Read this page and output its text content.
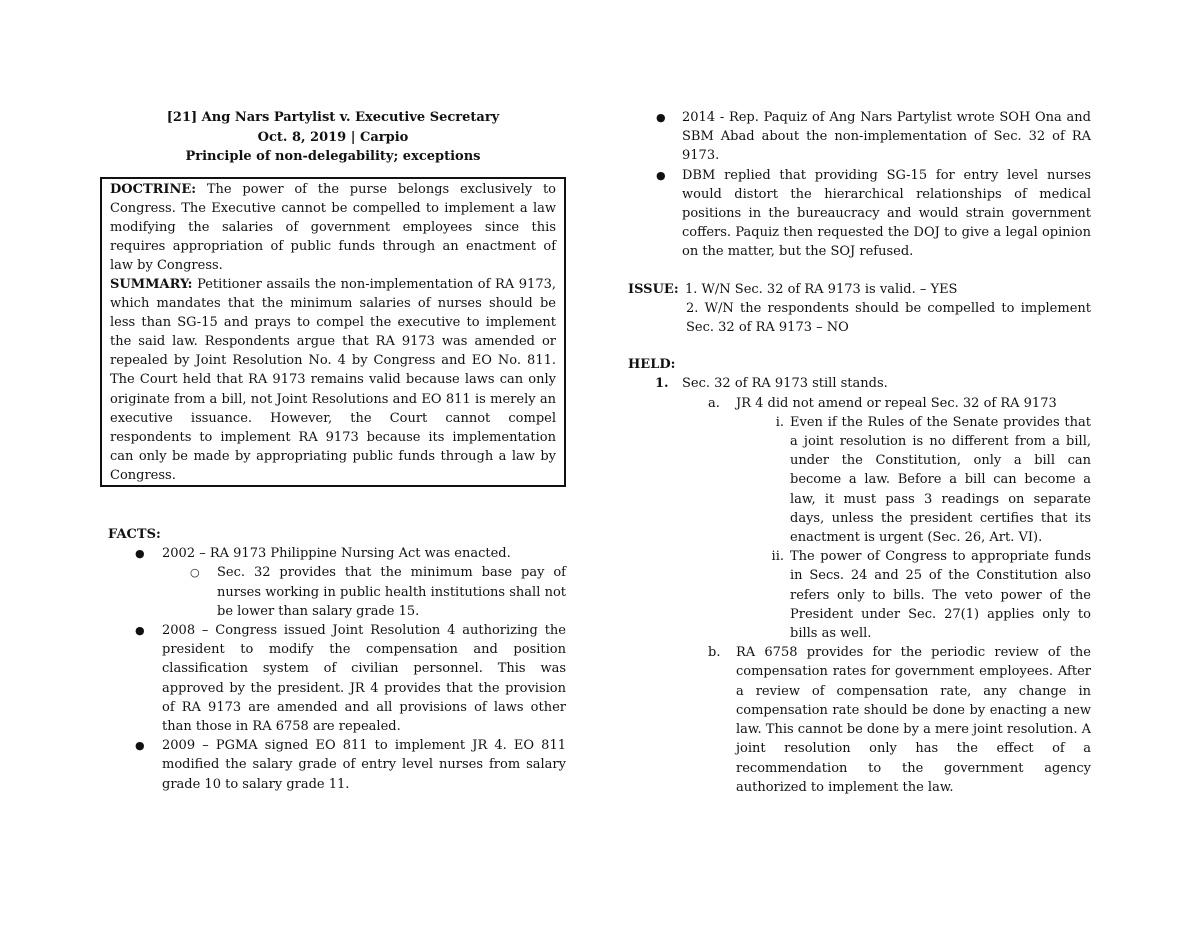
[21] Ang Nars Partylist v. Executive Secretary
Oct. 8, 2019 | Carpio
Principle of non-delegability; exceptions

DOCTRINE: The power of the purse belongs exclusively to Congress. The Executive cannot be compelled to implement a law modifying the salaries of government employees since this requires appropriation of public funds through an enactment of law by Congress.

SUMMARY: Petitioner assails the non-implementation of RA 9173, which mandates that the minimum salaries of nurses should be less than SG-15 and prays to compel the executive to implement the said law. Respondents argue that RA 9173 was amended or repealed by Joint Resolution No. 4 by Congress and EO No. 811. The Court held that RA 9173 remains valid because laws can only originate from a bill, not Joint Resolutions and EO 811 is merely an executive issuance. However, the Court cannot compel respondents to implement RA 9173 because its implementation can only be made by appropriating public funds through a law by Congress.

FACTS:
● 2002 – RA 9173 Philippine Nursing Act was enacted.
○ Sec. 32 provides that the minimum base pay of nurses working in public health institutions shall not be lower than salary grade 15.
● 2008 – Congress issued Joint Resolution 4 authorizing the president to modify the compensation and position classification system of civilian personnel. This was approved by the president. JR 4 provides that the provision of RA 9173 are amended and all provisions of laws other than those in RA 6758 are repealed.
● 2009 – PGMA signed EO 811 to implement JR 4. EO 811 modified the salary grade of entry level nurses from salary grade 10 to salary grade 11.
● 2014 - Rep. Paquiz of Ang Nars Partylist wrote SOH Ona and SBM Abad about the non-implementation of Sec. 32 of RA 9173.
● DBM replied that providing SG-15 for entry level nurses would distort the hierarchical relationships of medical positions in the bureaucracy and would strain government coffers. Paquiz then requested the DOJ to give a legal opinion on the matter, but the SOJ refused.
ISSUE: 1. W/N Sec. 32 of RA 9173 is valid. – YES
2. W/N the respondents should be compelled to implement Sec. 32 of RA 9173 – NO
HELD:
1. Sec. 32 of RA 9173 still stands.
a. JR 4 did not amend or repeal Sec. 32 of RA 9173
i. Even if the Rules of the Senate provides that a joint resolution is no different from a bill, under the Constitution, only a bill can become a law. Before a bill can become a law, it must pass 3 readings on separate days, unless the president certifies that its enactment is urgent (Sec. 26, Art. VI).
ii. The power of Congress to appropriate funds in Secs. 24 and 25 of the Constitution also refers only to bills. The veto power of the President under Sec. 27(1) applies only to bills as well.
b. RA 6758 provides for the periodic review of the compensation rates for government employees. After a review of compensation rate, any change in compensation rate should be done by enacting a new law. This cannot be done by a mere joint resolution. A joint resolution only has the effect of a recommendation to the government agency authorized to implement the law.
